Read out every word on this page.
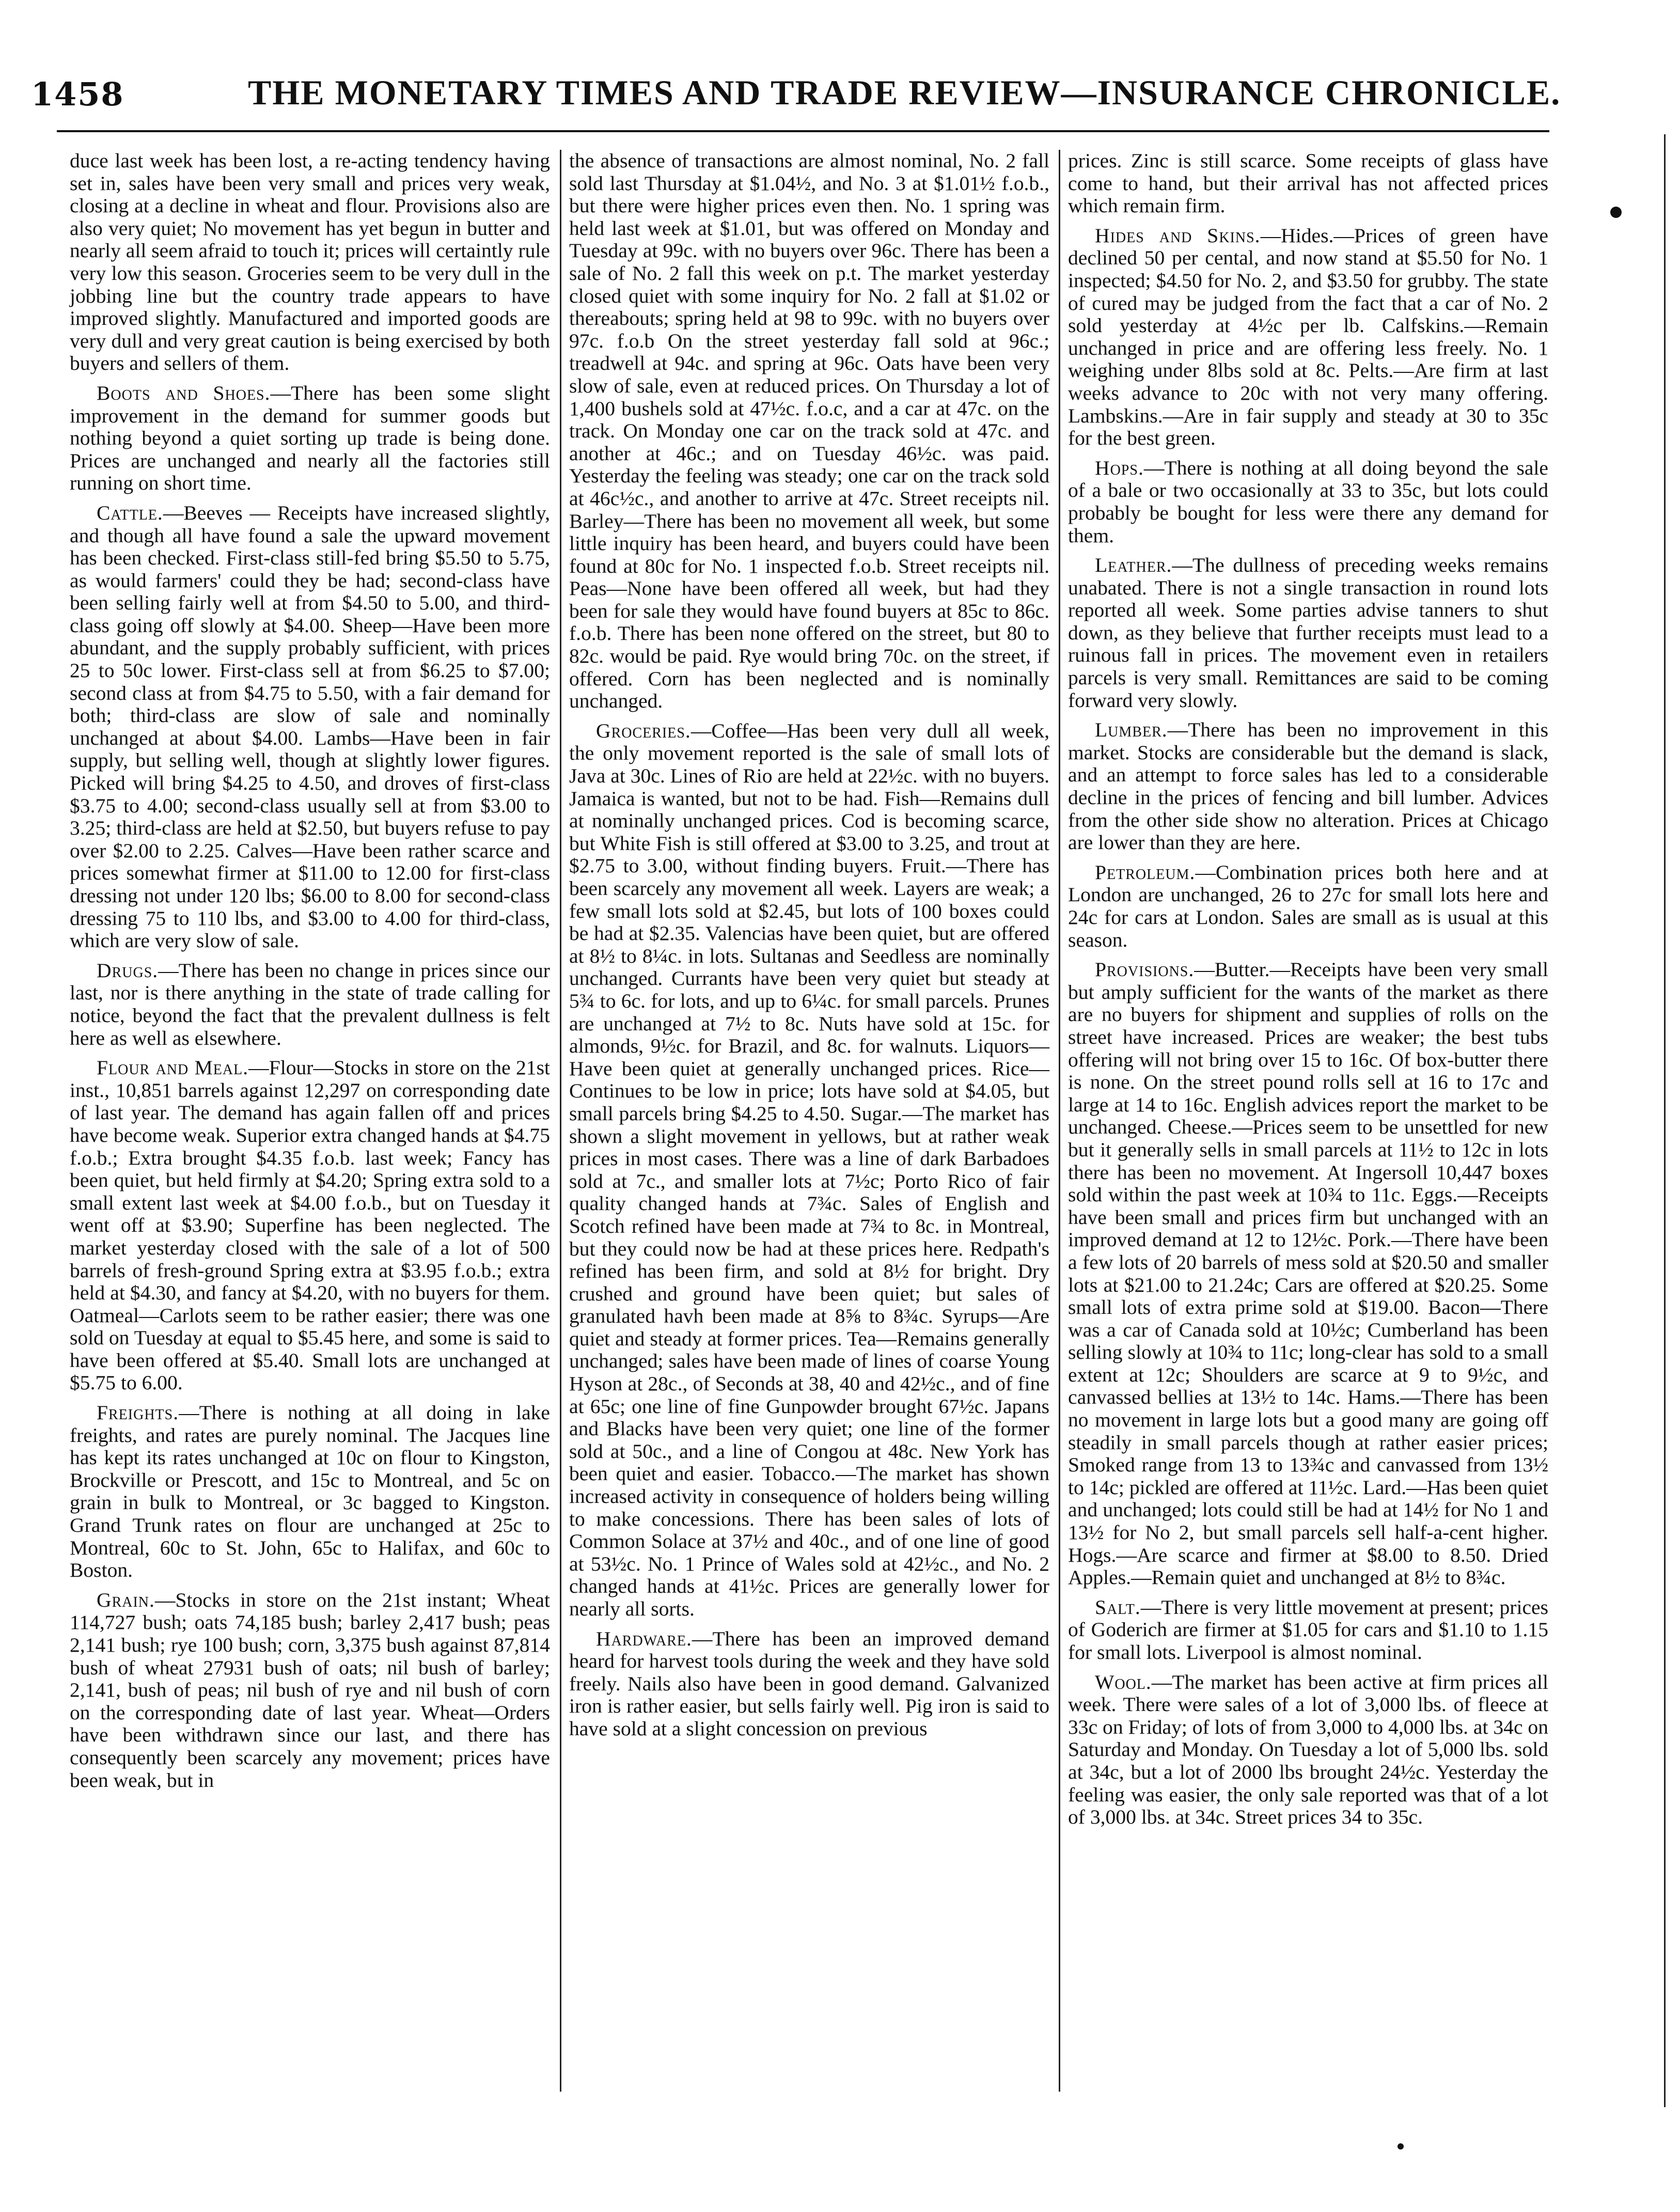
1458	THE MONETARY TIMES AND TRADE REVIEW—INSURANCE CHRONICLE.

duce last week has been lost, a re-acting tendency having set in, sales have been very small and prices very weak, closing at a decline in wheat and flour. Provisions also are also very quiet; No movement has yet begun in butter and nearly all seem afraid to touch it; prices will certaintly rule very low this season. Groceries seem to be very dull in the jobbing line but the country trade appears to have improved slightly. Manufactured and imported goods are very dull and very great caution is being exercised by both buyers and sellers of them.

Boots and Shoes.—There has been some slight improvement in the demand for summer goods but nothing beyond a quiet sorting up trade is being done. Prices are unchanged and nearly all the factories still running on short time.

Cattle.—Beeves — Receipts have increased slightly, and though all have found a sale the upward movement has been checked. First-class still-fed bring $5.50 to 5.75, as would farmers' could they be had; second-class have been selling fairly well at from $4.50 to 5.00, and third-class going off slowly at $4.00. Sheep—Have been more abundant, and the supply probably sufficient, with prices 25 to 50c lower. First-class sell at from $6.25 to $7.00; second class at from $4.75 to 5.50, with a fair demand for both; third-class are slow of sale and nominally unchanged at about $4.00. Lambs—Have been in fair supply, but selling well, though at slightly lower figures. Picked will bring $4.25 to 4.50, and droves of first-class $3.75 to 4.00; second-class usually sell at from $3.00 to 3.25; third-class are held at $2.50, but buyers refuse to pay over $2.00 to 2.25. Calves—Have been rather scarce and prices somewhat firmer at $11.00 to 12.00 for first-class dressing not under 120 lbs; $6.00 to 8.00 for second-class dressing 75 to 110 lbs, and $3.00 to 4.00 for third-class, which are very slow of sale.

Drugs.—There has been no change in prices since our last, nor is there anything in the state of trade calling for notice, beyond the fact that the prevalent dullness is felt here as well as elsewhere.

Flour and Meal.—Flour—Stocks in store on the 21st inst., 10,851 barrels against 12,297 on corresponding date of last year. The demand has again fallen off and prices have become weak. Superior extra changed hands at $4.75 f.o.b.; Extra brought $4.35 f.o.b. last week; Fancy has been quiet, but held firmly at $4.20; Spring extra sold to a small extent last week at $4.00 f.o.b., but on Tuesday it went off at $3.90; Superfine has been neglected. The market yesterday closed with the sale of a lot of 500 barrels of fresh-ground Spring extra at $3.95 f.o.b.; extra held at $4.30, and fancy at $4.20, with no buyers for them. Oatmeal—Carlots seem to be rather easier; there was one sold on Tuesday at equal to $5.45 here, and some is said to have been offered at $5.40. Small lots are unchanged at $5.75 to 6.00.

Freights.—There is nothing at all doing in lake freights, and rates are purely nominal. The Jacques line has kept its rates unchanged at 10c on flour to Kingston, Brockville or Prescott, and 15c to Montreal, and 5c on grain in bulk to Montreal, or 3c bagged to Kingston. Grand Trunk rates on flour are unchanged at 25c to Montreal, 60c to St. John, 65c to Halifax, and 60c to Boston.

Grain.—Stocks in store on the 21st instant; Wheat 114,727 bush; oats 74,185 bush; barley 2,417 bush; peas 2,141 bush; rye 100 bush; corn, 3,375 bush against 87,814 bush of wheat 27931 bush of oats; nil bush of barley; 2,141, bush of peas; nil bush of rye and nil bush of corn on the corresponding date of last year. Wheat—Orders have been withdrawn since our last, and there has consequently been scarcely any movement; prices have been weak, but in

the absence of transactions are almost nominal, No. 2 fall sold last Thursday at $1.04½, and No. 3 at $1.01½ f.o.b., but there were higher prices even then. No. 1 spring was held last week at $1.01, but was offered on Monday and Tuesday at 99c. with no buyers over 96c. There has been a sale of No. 2 fall this week on p.t. The market yesterday closed quiet with some inquiry for No. 2 fall at $1.02 or thereabouts; spring held at 98 to 99c. with no buyers over 97c. f.o.b On the street yesterday fall sold at 96c.; treadwell at 94c. and spring at 96c. Oats have been very slow of sale, even at reduced prices. On Thursday a lot of 1,400 bushels sold at 47½c. f.o.c, and a car at 47c. on the track. On Monday one car on the track sold at 47c. and another at 46c.; and on Tuesday 46½c. was paid. Yesterday the feeling was steady; one car on the track sold at 46c½c., and another to arrive at 47c. Street receipts nil. Barley—There has been no movement all week, but some little inquiry has been heard, and buyers could have been found at 80c for No. 1 inspected f.o.b. Street receipts nil. Peas—None have been offered all week, but had they been for sale they would have found buyers at 85c to 86c. f.o.b. There has been none offered on the street, but 80 to 82c. would be paid. Rye would bring 70c. on the street, if offered. Corn has been neglected and is nominally unchanged.

Groceries.—Coffee—Has been very dull all week, the only movement reported is the sale of small lots of Java at 30c. Lines of Rio are held at 22½c. with no buyers. Jamaica is wanted, but not to be had. Fish—Remains dull at nominally unchanged prices. Cod is becoming scarce, but White Fish is still offered at $3.00 to 3.25, and trout at $2.75 to 3.00, without finding buyers. Fruit.—There has been scarcely any movement all week. Layers are weak; a few small lots sold at $2.45, but lots of 100 boxes could be had at $2.35. Valencias have been quiet, but are offered at 8½ to 8¼c. in lots. Sultanas and Seedless are nominally unchanged. Currants have been very quiet but steady at 5¾ to 6c. for lots, and up to 6¼c. for small parcels. Prunes are unchanged at 7½ to 8c. Nuts have sold at 15c. for almonds, 9½c. for Brazil, and 8c. for walnuts. Liquors—Have been quiet at generally unchanged prices. Rice—Continues to be low in price; lots have sold at $4.05, but small parcels bring $4.25 to 4.50. Sugar.—The market has shown a slight movement in yellows, but at rather weak prices in most cases. There was a line of dark Barbadoes sold at 7c., and smaller lots at 7½c; Porto Rico of fair quality changed hands at 7¾c. Sales of English and Scotch refined have been made at 7¾ to 8c. in Montreal, but they could now be had at these prices here. Redpath's refined has been firm, and sold at 8½ for bright. Dry crushed and ground have been quiet; but sales of granulated havh been made at 8⅝ to 8¾c. Syrups—Are quiet and steady at former prices. Tea—Remains generally unchanged; sales have been made of lines of coarse Young Hyson at 28c., of Seconds at 38, 40 and 42½c., and of fine at 65c; one line of fine Gunpowder brought 67½c. Japans and Blacks have been very quiet; one line of the former sold at 50c., and a line of Congou at 48c. New York has been quiet and easier. Tobacco.—The market has shown increased activity in consequence of holders being willing to make concessions. There has been sales of lots of Common Solace at 37½ and 40c., and of one line of good at 53½c. No. 1 Prince of Wales sold at 42½c., and No. 2 changed hands at 41½c. Prices are generally lower for nearly all sorts.

Hardware.—There has been an improved demand heard for harvest tools during the week and they have sold freely. Nails also have been in good demand. Galvanized iron is rather easier, but sells fairly well. Pig iron is said to have sold at a slight concession on previous

prices. Zinc is still scarce. Some receipts of glass have come to hand, but their arrival has not affected prices which remain firm.

Hides and Skins.—Hides.—Prices of green have declined 50 per cental, and now stand at $5.50 for No. 1 inspected; $4.50 for No. 2, and $3.50 for grubby. The state of cured may be judged from the fact that a car of No. 2 sold yesterday at 4½c per lb. Calfskins.—Remain unchanged in price and are offering less freely. No. 1 weighing under 8lbs sold at 8c. Pelts.—Are firm at last weeks advance to 20c with not very many offering. Lambskins.—Are in fair supply and steady at 30 to 35c for the best green.

Hops.—There is nothing at all doing beyond the sale of a bale or two occasionally at 33 to 35c, but lots could probably be bought for less were there any demand for them.

Leather.—The dullness of preceding weeks remains unabated. There is not a single transaction in round lots reported all week. Some parties advise tanners to shut down, as they believe that further receipts must lead to a ruinous fall in prices. The movement even in retailers parcels is very small. Remittances are said to be coming forward very slowly.

Lumber.—There has been no improvement in this market. Stocks are considerable but the demand is slack, and an attempt to force sales has led to a considerable decline in the prices of fencing and bill lumber. Advices from the other side show no alteration. Prices at Chicago are lower than they are here.

Petroleum.—Combination prices both here and at London are unchanged, 26 to 27c for small lots here and 24c for cars at London. Sales are small as is usual at this season.

Provisions.—Butter.—Receipts have been very small but amply sufficient for the wants of the market as there are no buyers for shipment and supplies of rolls on the street have increased. Prices are weaker; the best tubs offering will not bring over 15 to 16c. Of box-butter there is none. On the street pound rolls sell at 16 to 17c and large at 14 to 16c. English advices report the market to be unchanged. Cheese.—Prices seem to be unsettled for new but it generally sells in small parcels at 11½ to 12c in lots there has been no movement. At Ingersoll 10,447 boxes sold within the past week at 10¾ to 11c. Eggs.—Receipts have been small and prices firm but unchanged with an improved demand at 12 to 12½c. Pork.—There have been a few lots of 20 barrels of mess sold at $20.50 and smaller lots at $21.00 to 21.24c; Cars are offered at $20.25. Some small lots of extra prime sold at $19.00. Bacon—There was a car of Canada sold at 10½c; Cumberland has been selling slowly at 10¾ to 11c; long-clear has sold to a small extent at 12c; Shoulders are scarce at 9 to 9½c, and canvassed bellies at 13½ to 14c. Hams.—There has been no movement in large lots but a good many are going off steadily in small parcels though at rather easier prices; Smoked range from 13 to 13¾c and canvassed from 13½ to 14c; pickled are offered at 11½c. Lard.—Has been quiet and unchanged; lots could still be had at 14½ for No 1 and 13½ for No 2, but small parcels sell half-a-cent higher. Hogs.—Are scarce and firmer at $8.00 to 8.50. Dried Apples.—Remain quiet and unchanged at 8½ to 8¾c.

Salt.—There is very little movement at present; prices of Goderich are firmer at $1.05 for cars and $1.10 to 1.15 for small lots. Liverpool is almost nominal.

Wool.—The market has been active at firm prices all week. There were sales of a lot of 3,000 lbs. of fleece at 33c on Friday; of lots of from 3,000 to 4,000 lbs. at 34c on Saturday and Monday. On Tuesday a lot of 5,000 lbs. sold at 34c, but a lot of 2000 lbs brought 24½c. Yesterday the feeling was easier, the only sale reported was that of a lot of 3,000 lbs. at 34c. Street prices 34 to 35c.
